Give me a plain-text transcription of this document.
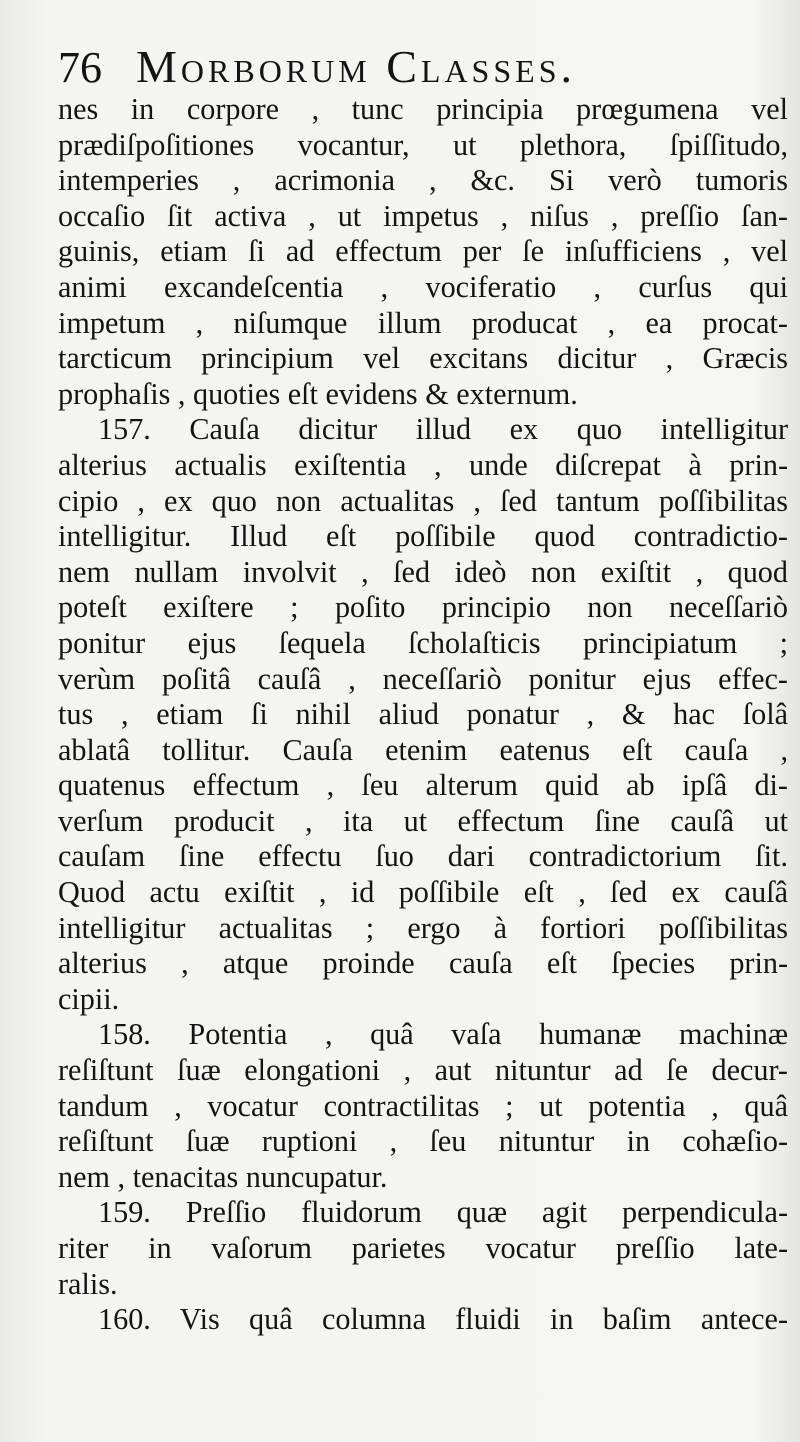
76 Morborum Classes.
nes in corpore , tunc principia prœgumena vel
prædiſpoſitiones vocantur, ut plethora, ſpiſſitudo,
intemperies , acrimonia , &c. Si verò tumoris
occaſio ſit activa , ut impetus , niſus , preſſio ſan-
guinis, etiam ſi ad effectum per ſe inſufficiens , vel
animi excandeſcentia , vociferatio , curſus qui
impetum , niſumque illum producat , ea procat-
tarcticum principium vel excitans dicitur , Græcis
prophaſis , quoties eſt evidens & externum.
157. Cauſa dicitur illud ex quo intelligitur
alterius actualis exiſtentia , unde diſcrepat à prin-
cipio , ex quo non actualitas , ſed tantum poſſibilitas
intelligitur. Illud eſt poſſibile quod contradictio-
nem nullam involvit , ſed ideò non exiſtit , quod
poteſt exiſtere ; poſito principio non neceſſariò
ponitur ejus ſequela ſcholaſticis principiatum ;
verùm poſitâ cauſâ , neceſſariò ponitur ejus effec-
tus , etiam ſi nihil aliud ponatur , & hac ſolâ
ablatâ tollitur. Cauſa etenim eatenus eſt cauſa ,
quatenus effectum , ſeu alterum quid ab ipſâ di-
verſum producit , ita ut effectum ſine cauſâ ut
cauſam ſine effectu ſuo dari contradictorium ſit.
Quod actu exiſtit , id poſſibile eſt , ſed ex cauſâ
intelligitur actualitas ; ergo à fortiori poſſibilitas
alterius , atque proinde cauſa eſt ſpecies prin-
cipii.
158. Potentia , quâ vaſa humanæ machinæ
reſiſtunt ſuæ elongationi , aut nituntur ad ſe decur-
tandum , vocatur contractilitas ; ut potentia , quâ
reſiſtunt ſuæ ruptioni , ſeu nituntur in cohæſio-
nem , tenacitas nuncupatur.
159. Preſſio fluidorum quæ agit perpendicula-
riter in vaſorum parietes vocatur preſſio late-
ralis.
160. Vis quâ columna fluidi in baſim antece-
